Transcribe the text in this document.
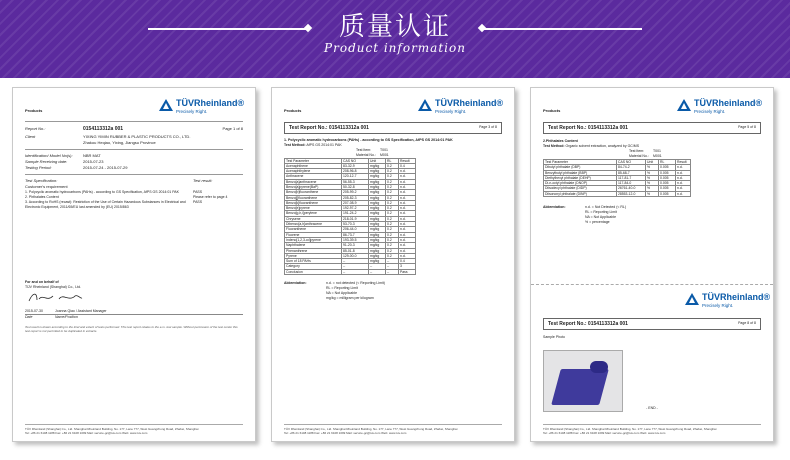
质量认证
Product information
Products
TÜVRheinland®
Precisely Right.
Report No.:	0154113312a 001	Page 1 of 8
Client	YIXING YIMIN RUBBER & PLASTIC PRODUCTS CO., LTD.
Zhakou Heqiao, Yixing, Jiangsu Province
Identification/ Model No(s):	NBR MAT
Sample Receiving date:	2015-07-23
Testing Period:	2015-07-24 - 2015-07-29
Test Specification:	Test result:
Customer's requirement
1. Polycyclic aromatic hydrocarbons (PAHs) - according to GS Specification, AfPS GS 2014:01 PAK	PASS
2. Phthalates Content	Please refer to page 4
3. According to RoHS (recast): Restriction of the Use of Certain Hazardous Substances in Electrical and Electronic Equipment, 2011/65/EU last amended by (EU) 2015/863
PASS
For and on behalf of
TÜV Rheinland (Shanghai) Co., Ltd.
2015-07-30	Joanna Qiao / Assistant Manager
Date	Name/Position
Test result is drawn according to the kind and extent of tests performed. This test report relates to the a.m. test sample. Without permission of the test center this test report is not permitted to be duplicated in extracts.
TÜV Rheinland (Shanghai) Co., Ltd. Shanghai Rheinland Building, No. 177, Lane 777, West Guangzhong Road, Zhabei, Shanghai
Tel: +86 21 6108 1188 Fax: +86 21 6108 1099 Mail: service-gc@tuv.com Web: www.tuv.com
Products
TÜVRheinland®
Precisely Right.
Test Report No.: 0154113312a 001	Page 3 of 8
1. Polycyclic aromatic hydrocarbons (PAHs) - according to GS Specification, AfPS GS 2014:01 PAK
Test Method: AfPS GS 2014:01 PAK
Test Item:	T001
Material No.: M001
Test Parameter	CAS NO	Unit	RL	Result
Acenaphthene	83-32-9	mg/kg	0.2	0.4
Acenaphthylene	208-96-8	mg/kg	0.2	n.d.
Anthracene	120-12-7	mg/kg	0.2	n.d.
Benzo[a]anthracene	56-55-3	mg/kg	0.2	n.d.
Benzo[a]pyrene(BaP)	50-32-8	mg/kg	0.2	n.d.
Benzo[b]fluoranthene	205-99-2	mg/kg	0.2	n.d.
Benzo[j]fluoranthene	205-82-3	mg/kg	0.2	n.d.
Benzo[k]fluoranthene	207-08-9	mg/kg	0.2	n.d.
Benzo[e]pyrene	192-97-2	mg/kg	0.2	n.d.
Benzo[g,h,i]perylene	191-24-2	mg/kg	0.2	n.d.
Chrysene	218-01-9	mg/kg	0.2	n.d.
Dibenzo[a,h]anthracene	53-70-3	mg/kg	0.2	n.d.
Fluoranthene	206-44-0	mg/kg	0.2	n.d.
Fluorene	86-73-7	mg/kg	0.2	n.d.
Indeno[1,2,3-cd]pyrene	193-39-5	mg/kg	0.2	n.d.
Naphthalene	91-20-3	mg/kg	0.2	n.d.
Phenanthrene	85-01-8	mg/kg	0.2	n.d.
Pyrene	129-00-0	mg/kg	0.2	n.d.
Sum of 18 PAHs	--	mg/kg	--	0.4
Category	--	--	--	3
Conclusion	--	--	--	Pass
Abbreviation:	n.d. = not detected (< Reporting Limit)
RL = Reporting Limit
NA = Not Applicable
mg/kg = milligram per kilogram
TÜV Rheinland (Shanghai) Co., Ltd. Shanghai Rheinland Building, No. 177, Lane 777, West Guangzhong Road, Zhabei, Shanghai
Tel: +86 21 6108 1188 Fax: +86 21 6108 1099 Mail: service-gc@tuv.com Web: www.tuv.com
Products
TÜVRheinland®
Precisely Right.
Test Report No.: 0154113312a 001	Page 5 of 8
2.Phthalates Content
Test Method: Organic solvent extraction, analyzed by GC/MS
Test Item:	T001
Material No.: M001
Test Parameter	CAS NO	Unit	RL	Result
Dibutyl phthalate (DBP)	84-74-2	%	0.005	n.d.
Benzylbutyl phthalate (BBP)	85-68-7	%	0.005	n.d.
Diethylhexyl phthalate (DEHP)	117-81-7	%	0.005	n.d.
Di-n-octyl phthalate (DNOP)	117-84-0	%	0.005	n.d.
Diisodecyl phthalate (DIDP)	26761-40-0	%	0.005	n.d.
Diisononyl phthalate (DINP)	28553-12-0	%	0.005	n.d.
Abbreviation:	n.d. = Not Detected (< RL)
RL = Reporting Limit
NA = Not Applicable
% = percentage
TÜVRheinland®
Precisely Right.
Test Report No.: 0154113312a 001	Page 8 of 8
Sample Photo
- END -
TÜV Rheinland (Shanghai) Co., Ltd. Shanghai Rheinland Building, No. 177, Lane 777, West Guangzhong Road, Zhabei, Shanghai
Tel: +86 21 6108 1188 Fax: +86 21 6108 1099 Mail: service-gc@tuv.com Web: www.tuv.com
